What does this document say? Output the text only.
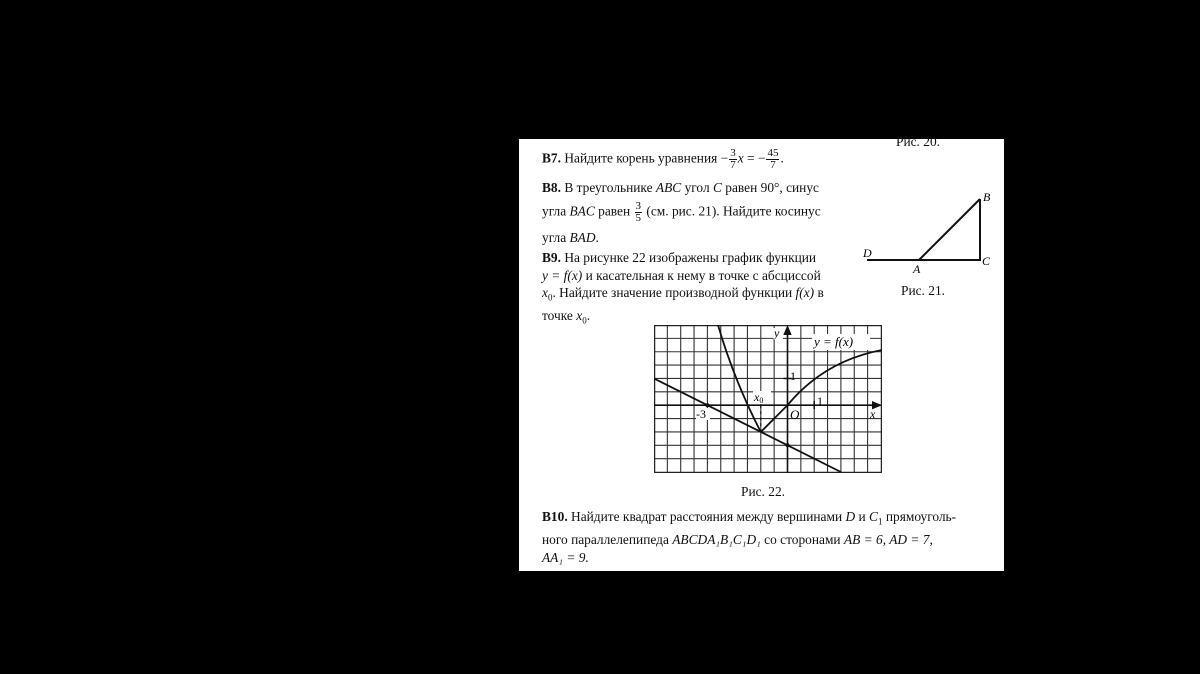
Рис. 20.
B7. Найдите корень уравнения − $\frac{3}{7}$ x = − $\frac{45}{7}$ .
B8. В треугольнике ABC угол C равен 90°, синус
угла BAC равен $\frac{3}{5} (см$. рис. 21). Найдите косинус
угла BAD.
B9. На рисунке 22 изображены график функции
y = f(x) и касательная к нему в точке с абсциссой
$x_0$. Найдите значение производной функции f(x) в
точке $x_0$.
B
C
D
A
Рис. 21.
y = f(x)
y
x
O
1
1
-3
x0
Рис. 22.
B10. Найдите квадрат расстояния между вершинами D и $C_1$ прямоуголь-
ного параллелепипеда ABCDA₁B₁C₁D₁ со сторонами AB = 6, AD = 7,
AA₁ = 9.
